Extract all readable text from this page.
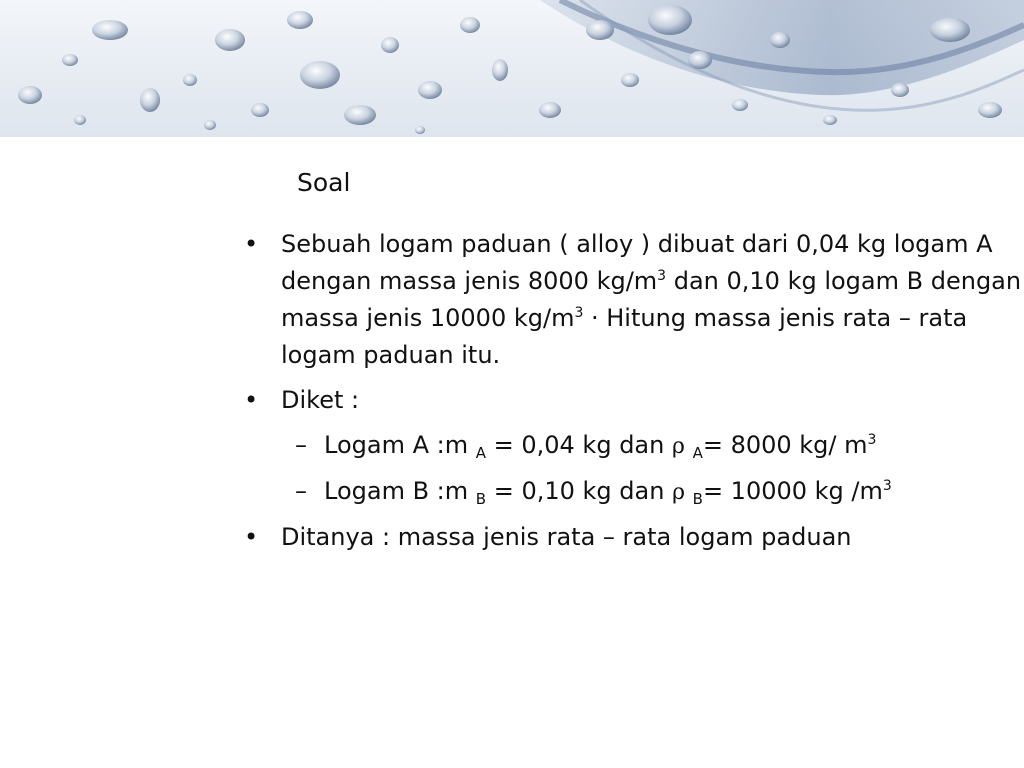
Soal
• Sebuah logam paduan ( alloy ) dibuat dari 0,04 kg logam A dengan massa jenis 8000 $kg/m^3$ dan 0,10 kg logam B dengan massa jenis 10000 $kg/m^3$ · Hitung massa jenis rata – rata logam paduan itu.
• Diket :
– Logam A :m $_A$ = 0,04 kg dan ρ $_A$= 8000 kg/ $m^3$
– Logam B :m $_B$ = 0,10 kg dan ρ $_B$= 10000 kg $/m^3$
• Ditanya : massa jenis rata – rata logam paduan
